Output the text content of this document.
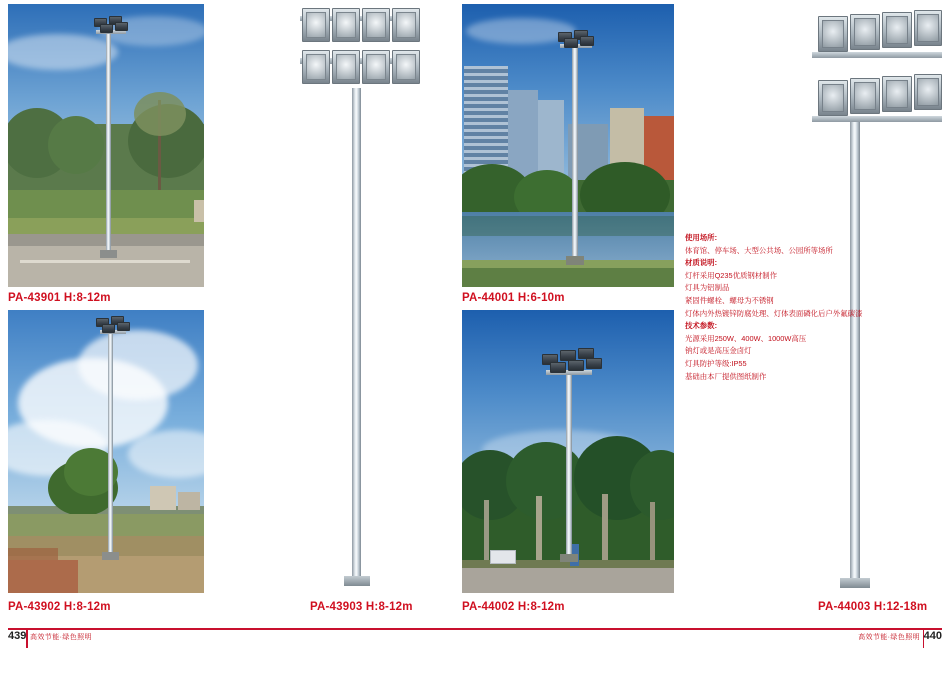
PA-43901 H:8-12m
PA-43902 H:8-12m	PA-43903 H:8-12m
PA-44001 H:6-10m
PA-44002 H:8-12m	PA-44003 H:12-18m
使用场所:
体育馆、停车场、大型公共场、公园所等场所
材质说明:
灯杆采用Q235优质钢材制作
灯具为铝制品
紧固件螺栓、螺母为不锈钢
灯体内外热镀锌防腐处理、灯体表面磷化后户外氟碳漆
技术参数:
光源采用250W、400W、1000W高压
钠灯或是高压金卤灯
灯具防护等级:IP55
基础由本厂提供图纸制作
439 高效节能·绿色照明	440
高效节能·绿色照明
